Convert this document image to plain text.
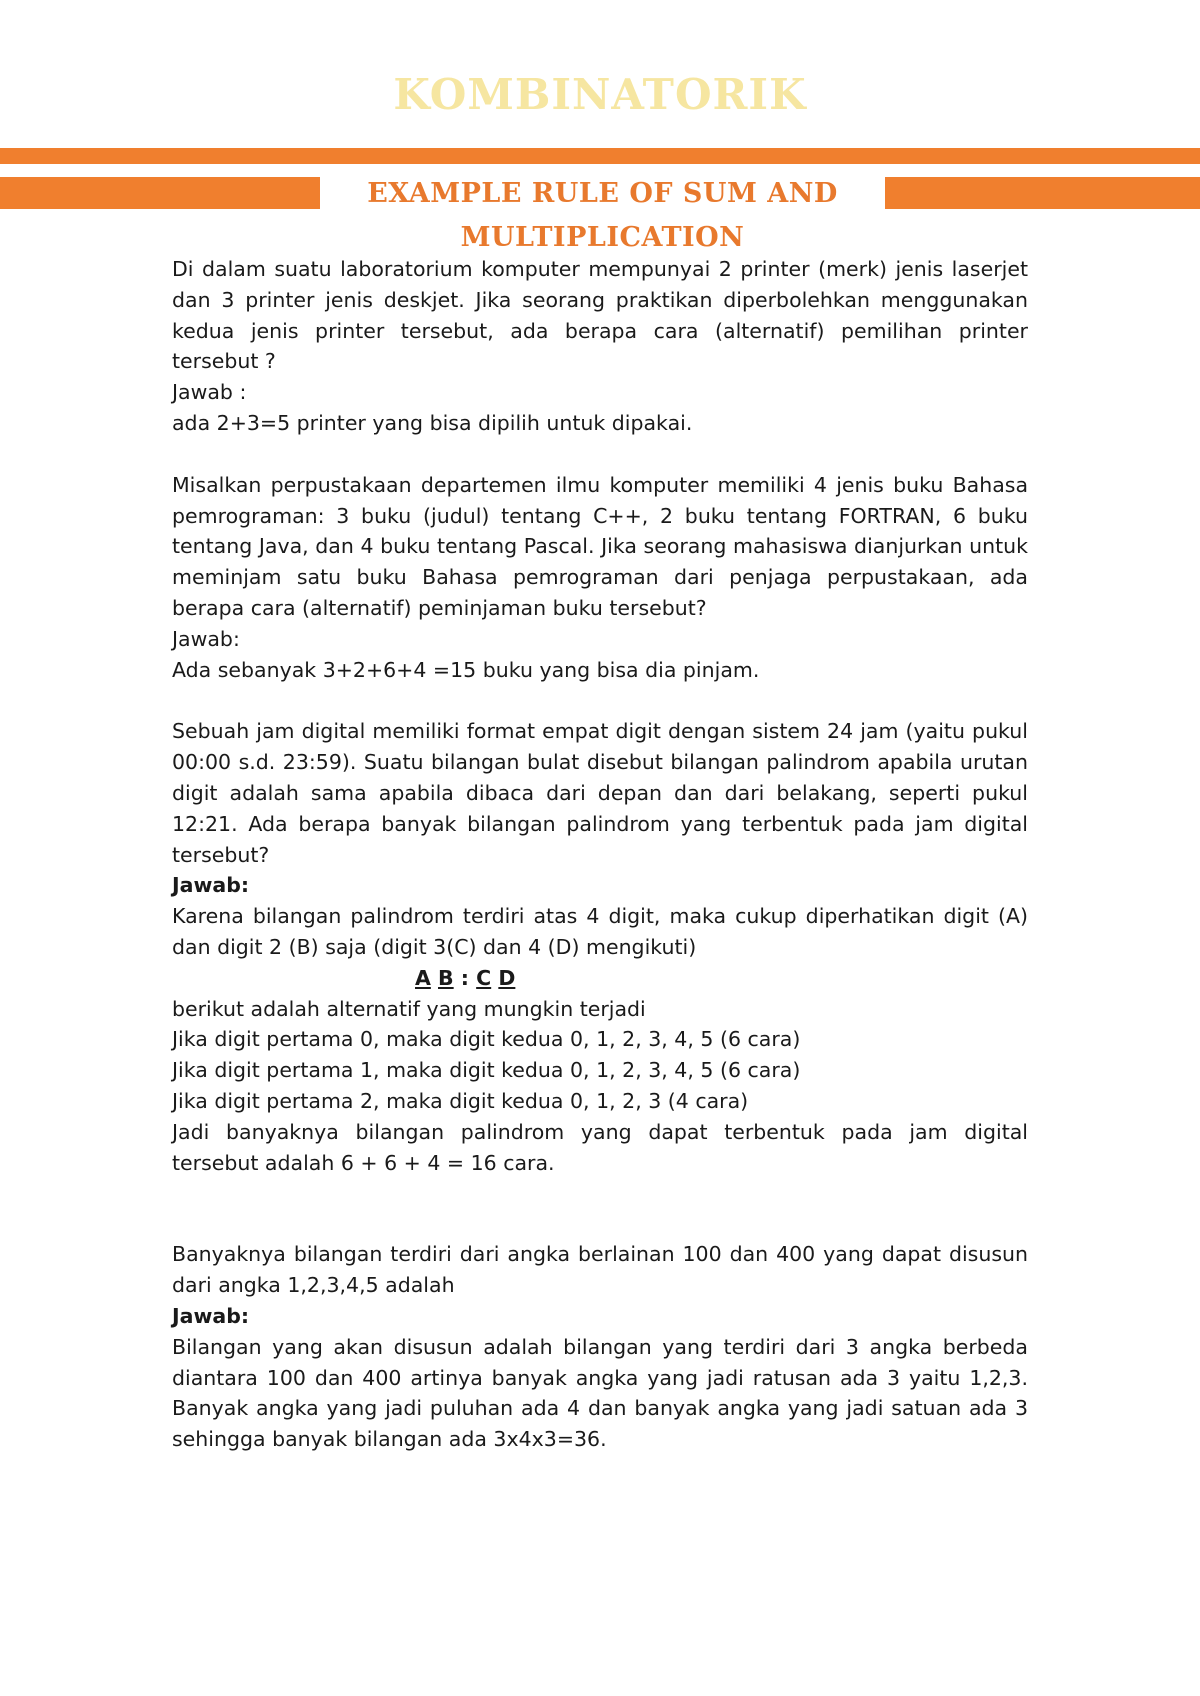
KOMBINATORIK
EXAMPLE RULE OF SUM AND MULTIPLICATION

Di dalam suatu laboratorium komputer mempunyai 2 printer (merk) jenis laserjet dan 3 printer jenis deskjet. Jika seorang praktikan diperbolehkan menggunakan kedua jenis printer tersebut, ada berapa cara (alternatif) pemilihan printer tersebut ?

Jawab :

ada 2+3=5 printer yang bisa dipilih untuk dipakai.

Misalkan perpustakaan departemen ilmu komputer memiliki 4 jenis buku Bahasa pemrograman: 3 buku (judul) tentang C++, 2 buku tentang FORTRAN, 6 buku tentang Java, dan 4 buku tentang Pascal. Jika seorang mahasiswa dianjurkan untuk meminjam satu buku Bahasa pemrograman dari penjaga perpustakaan, ada berapa cara (alternatif) peminjaman buku tersebut?

Jawab:

Ada sebanyak 3+2+6+4 =15 buku yang bisa dia pinjam.

Sebuah jam digital memiliki format empat digit dengan sistem 24 jam (yaitu pukul 00:00 s.d. 23:59). Suatu bilangan bulat disebut bilangan palindrom apabila urutan digit adalah sama apabila dibaca dari depan dan dari belakang, seperti pukul 12:21. Ada berapa banyak bilangan palindrom yang terbentuk pada jam digital tersebut?

Jawab:

Karena bilangan palindrom terdiri atas 4 digit, maka cukup diperhatikan digit (A) dan digit 2 (B) saja (digit 3(C) dan 4 (D) mengikuti)

A B : C D

berikut adalah alternatif yang mungkin terjadi

Jika digit pertama 0, maka digit kedua 0, 1, 2, 3, 4, 5 (6 cara)

Jika digit pertama 1, maka digit kedua 0, 1, 2, 3, 4, 5 (6 cara)

Jika digit pertama 2, maka digit kedua 0, 1, 2, 3 (4 cara)

Jadi banyaknya bilangan palindrom yang dapat terbentuk pada jam digital tersebut adalah 6 + 6 + 4 = 16 cara.

Banyaknya bilangan terdiri dari angka berlainan 100 dan 400 yang dapat disusun dari angka 1,2,3,4,5 adalah

Jawab:

Bilangan yang akan disusun adalah bilangan yang terdiri dari 3 angka berbeda diantara 100 dan 400 artinya banyak angka yang jadi ratusan ada 3 yaitu 1,2,3. Banyak angka yang jadi puluhan ada 4 dan banyak angka yang jadi satuan ada 3 sehingga banyak bilangan ada 3x4x3=36.
